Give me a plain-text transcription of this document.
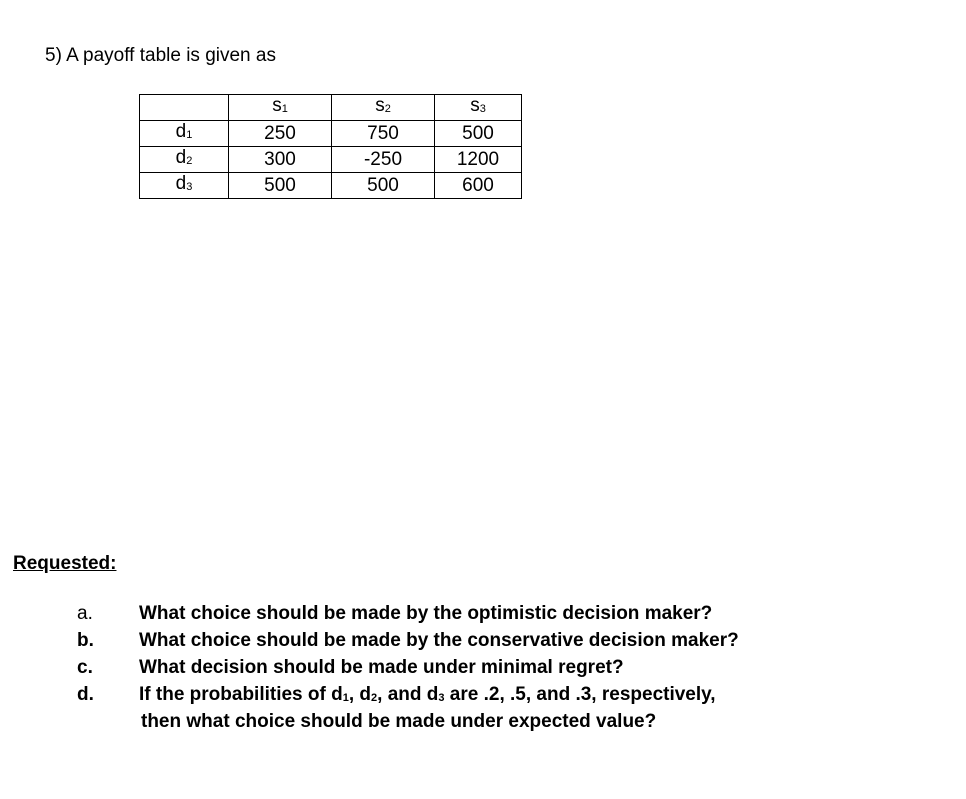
5) A payoff table is given as
	s1	s2	s3
d1	250	750	500
d2	300	-250	1200
d3	500	500	600
Requested:
a. What choice should be made by the optimistic decision maker?
b. What choice should be made by the conservative decision maker?
c. What decision should be made under minimal regret?
d. If the probabilities of d1, d2, and d3 are .2, .5, and .3, respectively,
then what choice should be made under expected value?
